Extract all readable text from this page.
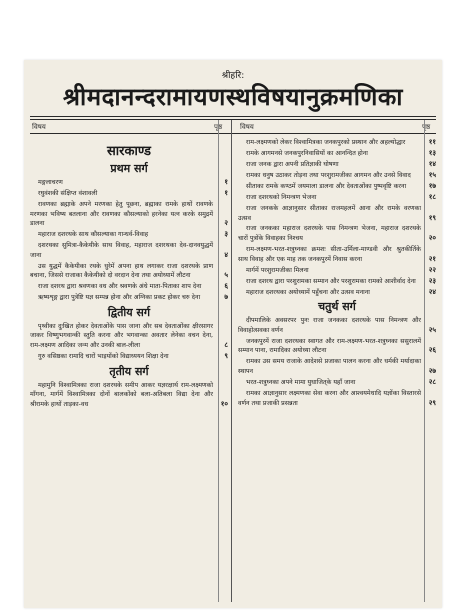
श्रीहरि:
श्रीमदानन्दरामायणस्थविषयानुक्रमणिका
विषय	पृष्ठ	विषय	पृष्ठ
सारकाण्ड
प्रथम सर्ग
मङ्गलाचरण	१
रघुवंशकी संक्षिप्त वंशावली	१
रावणका ब्रह्माके अपने मरणका हेतु पूछना, ब्रह्माका रामके हाथों रावणके मरणका भविष्य बतलाना और रावणका कौसल्याको हरनेका यत्न करके समुद्रमें डालना	२
महाराज दशरथके साथ कौसल्याका गान्धर्व-विवाह	३
दशरथका सुमित्रा-कैकेयीके साथ विवाह, महाराज दशरथका देव-दानवयुद्धमें जाना	४
उस युद्धमें कैकेयीका रथके धुरेमें अपना हाथ लगाकर राजा दशरथके प्राण बचाना, जिससे राजाका कैकेयीको दो वरदान देना तथा अयोध्यामें लौटना	५
राजा दशरथ द्वारा श्रवणका वध और श्रवणके अंधे माता-पिताका शाप देना	६
ऋष्यशृङ्ग द्वारा पुत्रेष्टि यज्ञ सम्पन्न होना और अग्निका प्रकट होकर चरु देना	७
द्वितीय सर्ग
पृथ्वीका दुःखित होकर देवताओंके पास जाना और सब देवताओंका क्षीरसागर जाकर विष्णुभगवान्की स्तुति करना और भगवान्का अवतार लेनेका वचन देना, राम-लक्ष्मण आदिका जन्म और उनकी बाल-लीला	८
गुरु वसिष्ठका रामादि चारों भाइयोंको विद्याध्ययन शिक्षा देना	९
तृतीय सर्ग
महामुनि विश्वामित्रका राजा दशरथके समीप आकर यज्ञरक्षार्थ राम-लक्ष्मणको माँगना, मार्गमें विश्वामित्रका दोनों बालकोंको बला-अतिबला विद्या देना और श्रीरामके हाथों ताड़का-वध	१०
राम-लक्ष्मणको लेकर विश्वामित्रका जनकपुरको प्रस्थान और अहल्योद्धार	११
रामके आगमनसे जनकपुरनिवासियों का आनन्दित होना	१३
राजा जनक द्वारा अपनी प्रतिज्ञाकी घोषणा	१४
रामका धनुष उठाकर तोड़ना तथा परशुरामजीका आगमन और उनसे विवाद	१५
सीताका रामके कण्ठमें जयमाला डालना और देवताओंका पुष्पवृष्टि करना	१७
राजा दशरथको निमन्त्रण भेजना	१८
राजा जनकके आज्ञानुसार सीताका राजमहलमें आना और रामके वरणका उत्सव	१९
राजा जनकका महाराज दशरथके पास निमन्त्रण भेजना, महाराज दशरथके चारों पुत्रोंके विवाहका निश्चय	२०
राम-लक्ष्मण-भरत-शत्रुघ्नका क्रमशः सीता-उर्मिला-माण्डवी और श्रुतकीर्तिके साथ विवाह और एक माह तक जनकपुरमें निवास करना	२१
मार्गमें परशुरामजीका मिलना	२२
राजा दशरथ द्वारा परशुरामका सम्मान और परशुरामका रामको आशीर्वाद देना	२३
महाराज दशरथका अयोध्यामें पहुँचना और उत्सव मनाना	२४
चतुर्थ सर्ग
दीपमालिके अवसरपर पुनः राजा जनकका दशरथके पास निमन्त्रण और विवाहोत्सवका वर्णन	२५
जनकपुरमें राजा दशरथका स्वागत और राम-लक्ष्मण-भरत-शत्रुघ्नका ससुरालमें सम्मान पाना, रामादिका अयोध्या लौटना	२६
रामका उस समय राजाके आदेशसे प्रजाका पालन करना और धर्मकी मर्यादाका स्थापन	२७
भरत-शत्रुघ्नका अपने मामा युधाजित्‌के यहाँ जाना	२८
रामका आज्ञानुसार लक्ष्मणका सेवा करना और आश्वयमेधादि यज्ञोंका विस्तारसे वर्णन तथा प्रजाकी प्रसन्नता	२९
